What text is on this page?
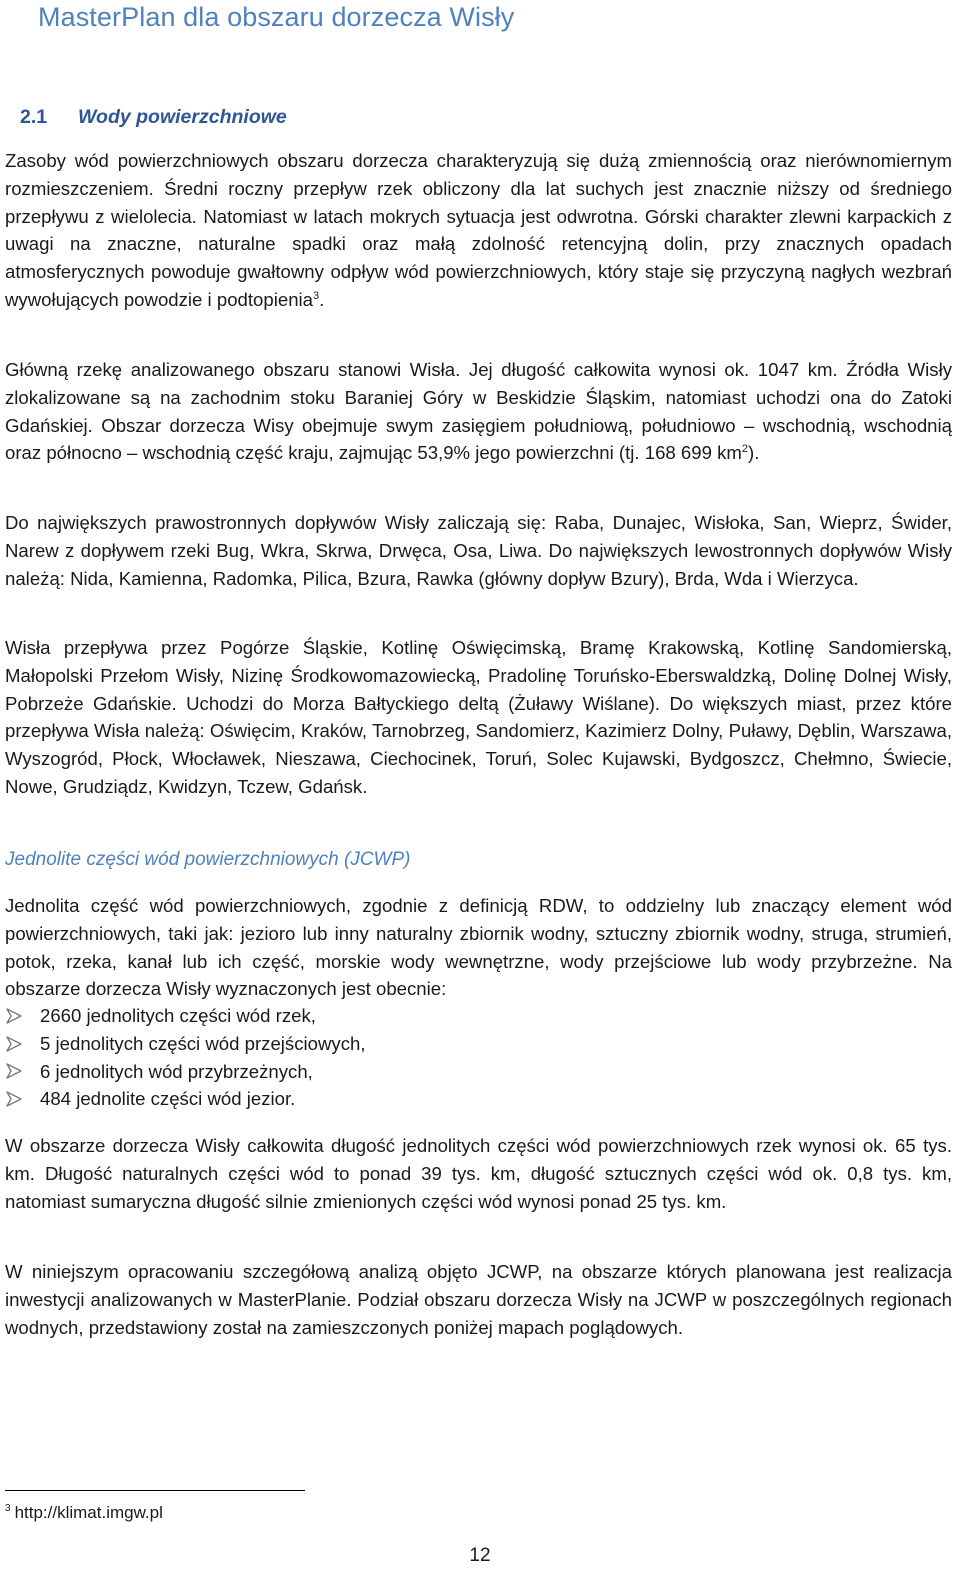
MasterPlan dla obszaru dorzecza Wisły
2.1 Wody powierzchniowe

Zasoby wód powierzchniowych obszaru dorzecza charakteryzują się dużą zmiennością oraz nierównomiernym rozmieszczeniem. Średni roczny przepływ rzek obliczony dla lat suchych jest znacznie niższy od średniego przepływu z wielolecia. Natomiast w latach mokrych sytuacja jest odwrotna. Górski charakter zlewni karpackich z uwagi na znaczne, naturalne spadki oraz małą zdolność retencyjną dolin, przy znacznych opadach atmosferycznych powoduje gwałtowny odpływ wód powierzchniowych, który staje się przyczyną nagłych wezbrań wywołujących powodzie i podtopienia$^3$.

Główną rzekę analizowanego obszaru stanowi Wisła. Jej długość całkowita wynosi ok. 1047 km. Źródła Wisły zlokalizowane są na zachodnim stoku Baraniej Góry w Beskidzie Śląskim, natomiast uchodzi ona do Zatoki Gdańskiej. Obszar dorzecza Wisy obejmuje swym zasięgiem południową, południowo – wschodnią, wschodnią oraz północno – wschodnią część kraju, zajmując 53,9% jego powierzchni (tj. 168 699 $km^2$).

Do największych prawostronnych dopływów Wisły zaliczają się: Raba, Dunajec, Wisłoka, San, Wieprz, Świder, Narew z dopływem rzeki Bug, Wkra, Skrwa, Drwęca, Osa, Liwa. Do największych lewostronnych dopływów Wisły należą: Nida, Kamienna, Radomka, Pilica, Bzura, Rawka (główny dopływ Bzury), Brda, Wda i Wierzyca.

Wisła przepływa przez Pogórze Śląskie, Kotlinę Oświęcimską, Bramę Krakowską, Kotlinę Sandomierską, Małopolski Przełom Wisły, Nizinę Środkowomazowiecką, Pradolinę Toruńsko-Eberswaldzką, Dolinę Dolnej Wisły, Pobrzeże Gdańskie. Uchodzi do Morza Bałtyckiego deltą (Żuławy Wiślane). Do większych miast, przez które przepływa Wisła należą: Oświęcim, Kraków, Tarnobrzeg, Sandomierz, Kazimierz Dolny, Puławy, Dęblin, Warszawa, Wyszogród, Płock, Włocławek, Nieszawa, Ciechocinek, Toruń, Solec Kujawski, Bydgoszcz, Chełmno, Świecie, Nowe, Grudziądz, Kwidzyn, Tczew, Gdańsk.

Jednolite części wód powierzchniowych (JCWP)

Jednolita część wód powierzchniowych, zgodnie z definicją RDW, to oddzielny lub znaczący element wód powierzchniowych, taki jak: jezioro lub inny naturalny zbiornik wodny, sztuczny zbiornik wodny, struga, strumień, potok, rzeka, kanał lub ich część, morskie wody wewnętrzne, wody przejściowe lub wody przybrzeżne. Na obszarze dorzecza Wisły wyznaczonych jest obecnie:

2660 jednolitych części wód rzek,
5 jednolitych części wód przejściowych,
6 jednolitych wód przybrzeżnych,
484 jednolite części wód jezior.

W obszarze dorzecza Wisły całkowita długość jednolitych części wód powierzchniowych rzek wynosi ok. 65 tys. km. Długość naturalnych części wód to ponad 39 tys. km, długość sztucznych części wód ok. 0,8 tys. km, natomiast sumaryczna długość silnie zmienionych części wód wynosi ponad 25 tys. km.

W niniejszym opracowaniu szczegółową analizą objęto JCWP, na obszarze których planowana jest realizacja inwestycji analizowanych w MasterPlanie. Podział obszaru dorzecza Wisły na JCWP w poszczególnych regionach wodnych, przedstawiony został na zamieszczonych poniżej mapach poglądowych.

$^3$ http://klimat.imgw.pl
12
